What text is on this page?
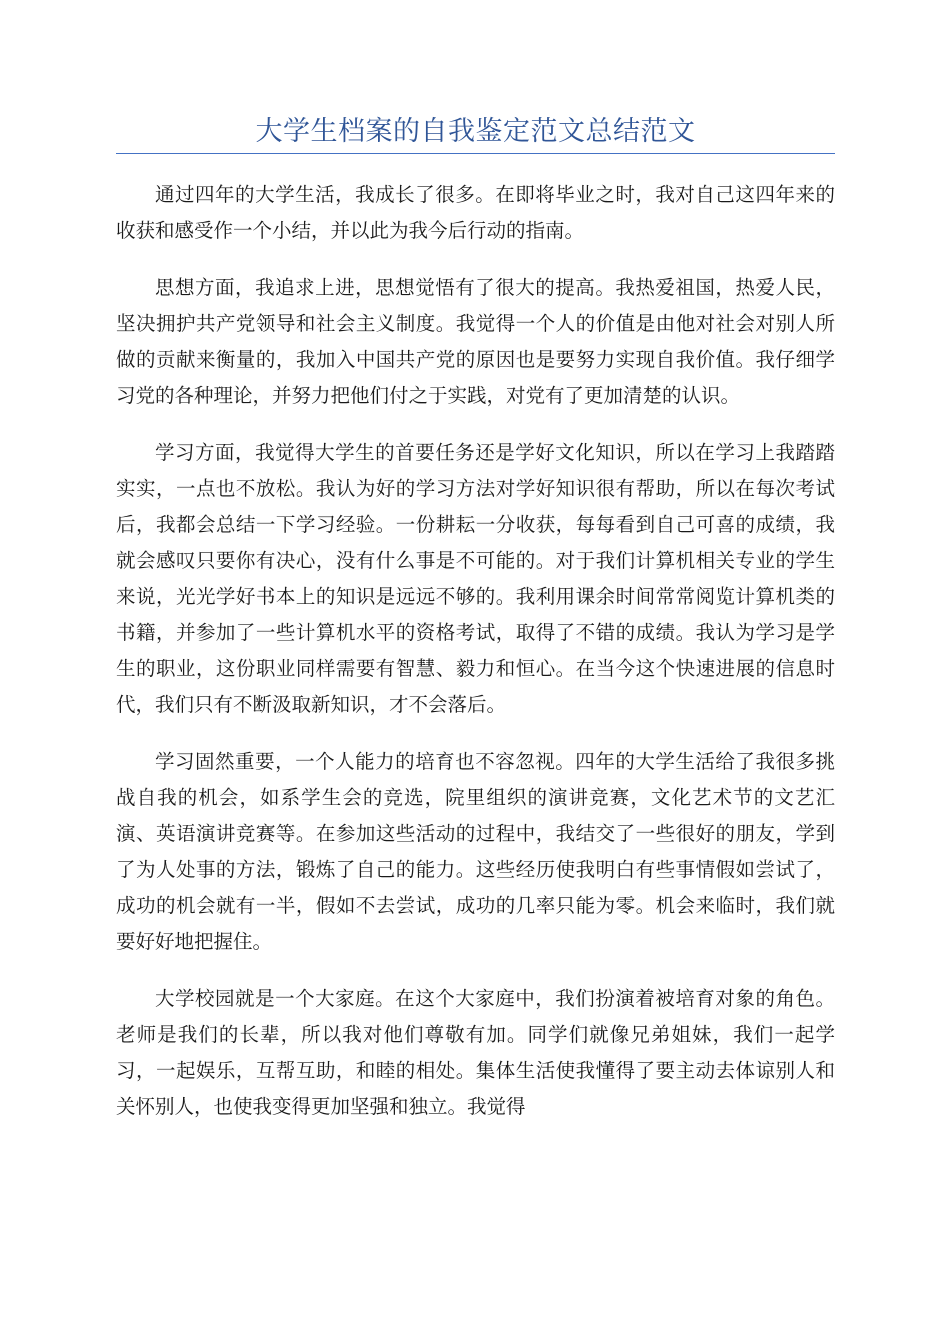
大学生档案的自我鉴定范文总结范文

通过四年的大学生活，我成长了很多。在即将毕业之时，我对自己这四年来的收获和感受作一个小结，并以此为我今后行动的指南。

思想方面，我追求上进，思想觉悟有了很大的提高。我热爱祖国，热爱人民，坚决拥护共产党领导和社会主义制度。我觉得一个人的价值是由他对社会对别人所做的贡献来衡量的，我加入中国共产党的原因也是要努力实现自我价值。我仔细学习党的各种理论，并努力把他们付之于实践，对党有了更加清楚的认识。

学习方面，我觉得大学生的首要任务还是学好文化知识，所以在学习上我踏踏实实，一点也不放松。我认为好的学习方法对学好知识很有帮助，所以在每次考试后，我都会总结一下学习经验。一份耕耘一分收获，每每看到自己可喜的成绩，我就会感叹只要你有决心，没有什么事是不可能的。对于我们计算机相关专业的学生来说，光光学好书本上的知识是远远不够的。我利用课余时间常常阅览计算机类的书籍，并参加了一些计算机水平的资格考试，取得了不错的成绩。我认为学习是学生的职业，这份职业同样需要有智慧、毅力和恒心。在当今这个快速进展的信息时代，我们只有不断汲取新知识，才不会落后。

学习固然重要，一个人能力的培育也不容忽视。四年的大学生活给了我很多挑战自我的机会，如系学生会的竞选，院里组织的演讲竞赛，文化艺术节的文艺汇演、英语演讲竞赛等。在参加这些活动的过程中，我结交了一些很好的朋友，学到了为人处事的方法，锻炼了自己的能力。这些经历使我明白有些事情假如尝试了，成功的机会就有一半，假如不去尝试，成功的几率只能为零。机会来临时，我们就要好好地把握住。

大学校园就是一个大家庭。在这个大家庭中，我们扮演着被培育对象的角色。老师是我们的长辈，所以我对他们尊敬有加。同学们就像兄弟姐妹，我们一起学习，一起娱乐，互帮互助，和睦的相处。集体生活使我懂得了要主动去体谅别人和关怀别人，也使我变得更加坚强和独立。我觉得
